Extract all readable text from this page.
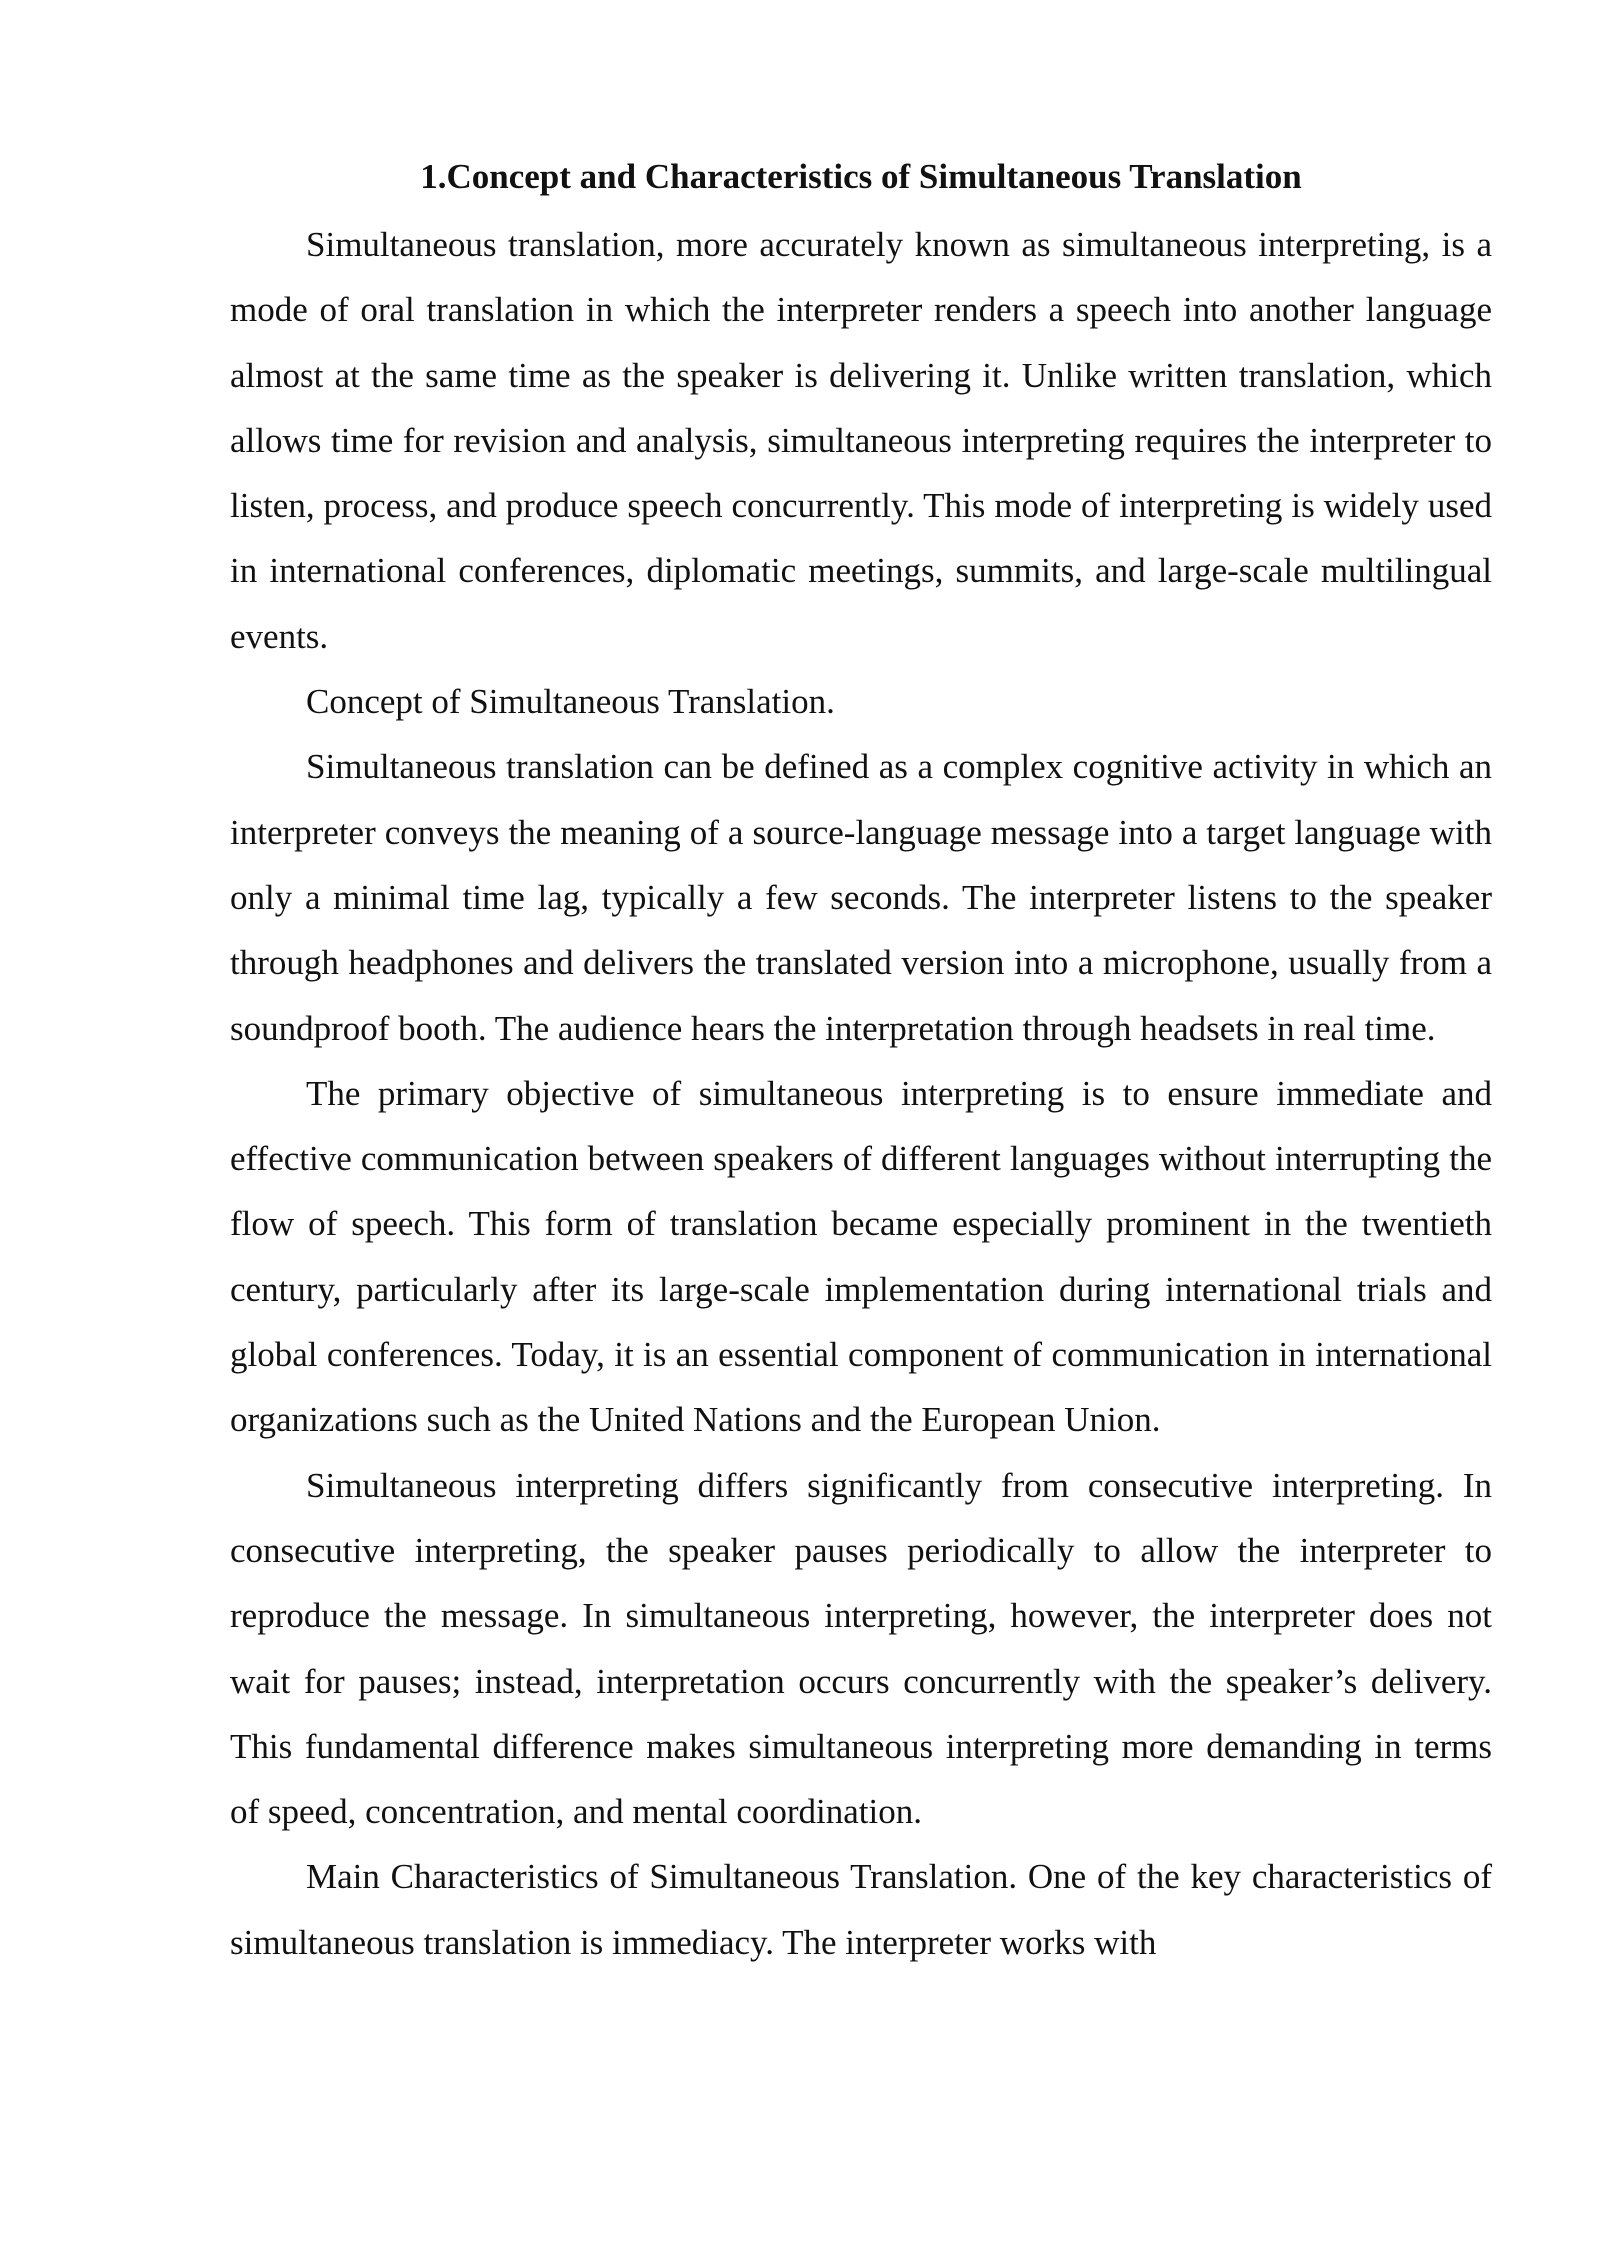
1.Concept and Characteristics of Simultaneous Translation

Simultaneous translation, more accurately known as simultaneous interpreting, is a mode of oral translation in which the interpreter renders a speech into another language almost at the same time as the speaker is delivering it. Unlike written translation, which allows time for revision and analysis, simultaneous interpreting requires the interpreter to listen, process, and produce speech concurrently. This mode of interpreting is widely used in international conferences, diplomatic meetings, summits, and large-scale multilingual events.

Concept of Simultaneous Translation.

Simultaneous translation can be defined as a complex cognitive activity in which an interpreter conveys the meaning of a source-language message into a target language with only a minimal time lag, typically a few seconds. The interpreter listens to the speaker through headphones and delivers the translated version into a microphone, usually from a soundproof booth. The audience hears the interpretation through headsets in real time.

The primary objective of simultaneous interpreting is to ensure immediate and effective communication between speakers of different languages without interrupting the flow of speech. This form of translation became especially prominent in the twentieth century, particularly after its large-scale implementation during international trials and global conferences. Today, it is an essential component of communication in international organizations such as the United Nations and the European Union.

Simultaneous interpreting differs significantly from consecutive interpreting. In consecutive interpreting, the speaker pauses periodically to allow the interpreter to reproduce the message. In simultaneous interpreting, however, the interpreter does not wait for pauses; instead, interpretation occurs concurrently with the speaker’s delivery. This fundamental difference makes simultaneous interpreting more demanding in terms of speed, concentration, and mental coordination.

Main Characteristics of Simultaneous Translation. One of the key characteristics of simultaneous translation is immediacy. The interpreter works with
